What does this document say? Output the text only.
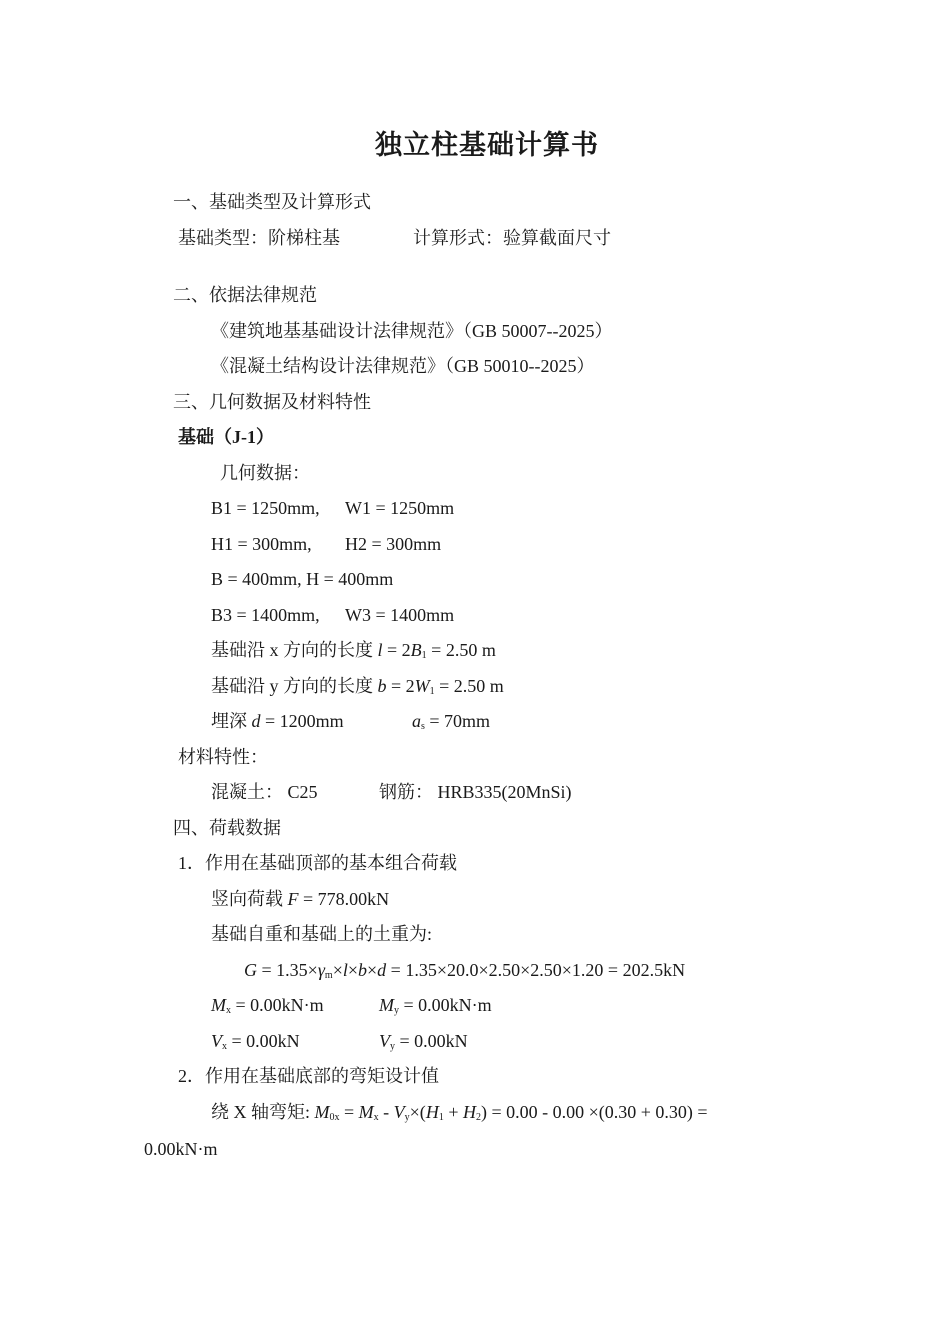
独立柱基础计算书
一、基础类型及计算形式
基础类型：阶梯柱基	计算形式：验算截面尺寸
二、依据法律规范
《建筑地基基础设计法律规范》（GB 50007--2025）
《混凝土结构设计法律规范》（GB 50010--2025）
三、几何数据及材料特性
基础（J-1）
几何数据：
B1 = 1250mm, W1 = 1250mm
H1 = 300mm, H2 = 300mm
B = 400mm, H = 400mm
B3 = 1400mm, W3 = 1400mm
基础沿 x 方向的长度 $l = 2B_1 = 2.50$ m
基础沿 y 方向的长度 $b = 2W_1 = 2.50$ m
埋深 d = 1200mm	$a_s = 70mm$
材料特性：
混凝土： C25	钢筋： HRB335(20MnSi)
四、荷载数据
1．作用在基础顶部的基本组合荷载
竖向荷载 F = 778.00kN
基础自重和基础上的土重为:
$G = 1.35\times\gamma_m\times l\times b\times d = 1.35\times 20.0\times 2.50\times 2.50\times 1.20 = 202.5kN$
$M_x = 0.00kN\cdot m$	$M_y = 0.00kN\cdot m$
$V_x = 0.00kN$	$V_y = 0.00kN$
2．作用在基础底部的弯矩设计值
绕 X 轴弯矩: $M_{0x} = M_x - V_y\times(H_1 + H_2) = 0.00 - 0.00 \times(0.30 + 0.30)$ =
0.00kN·m
